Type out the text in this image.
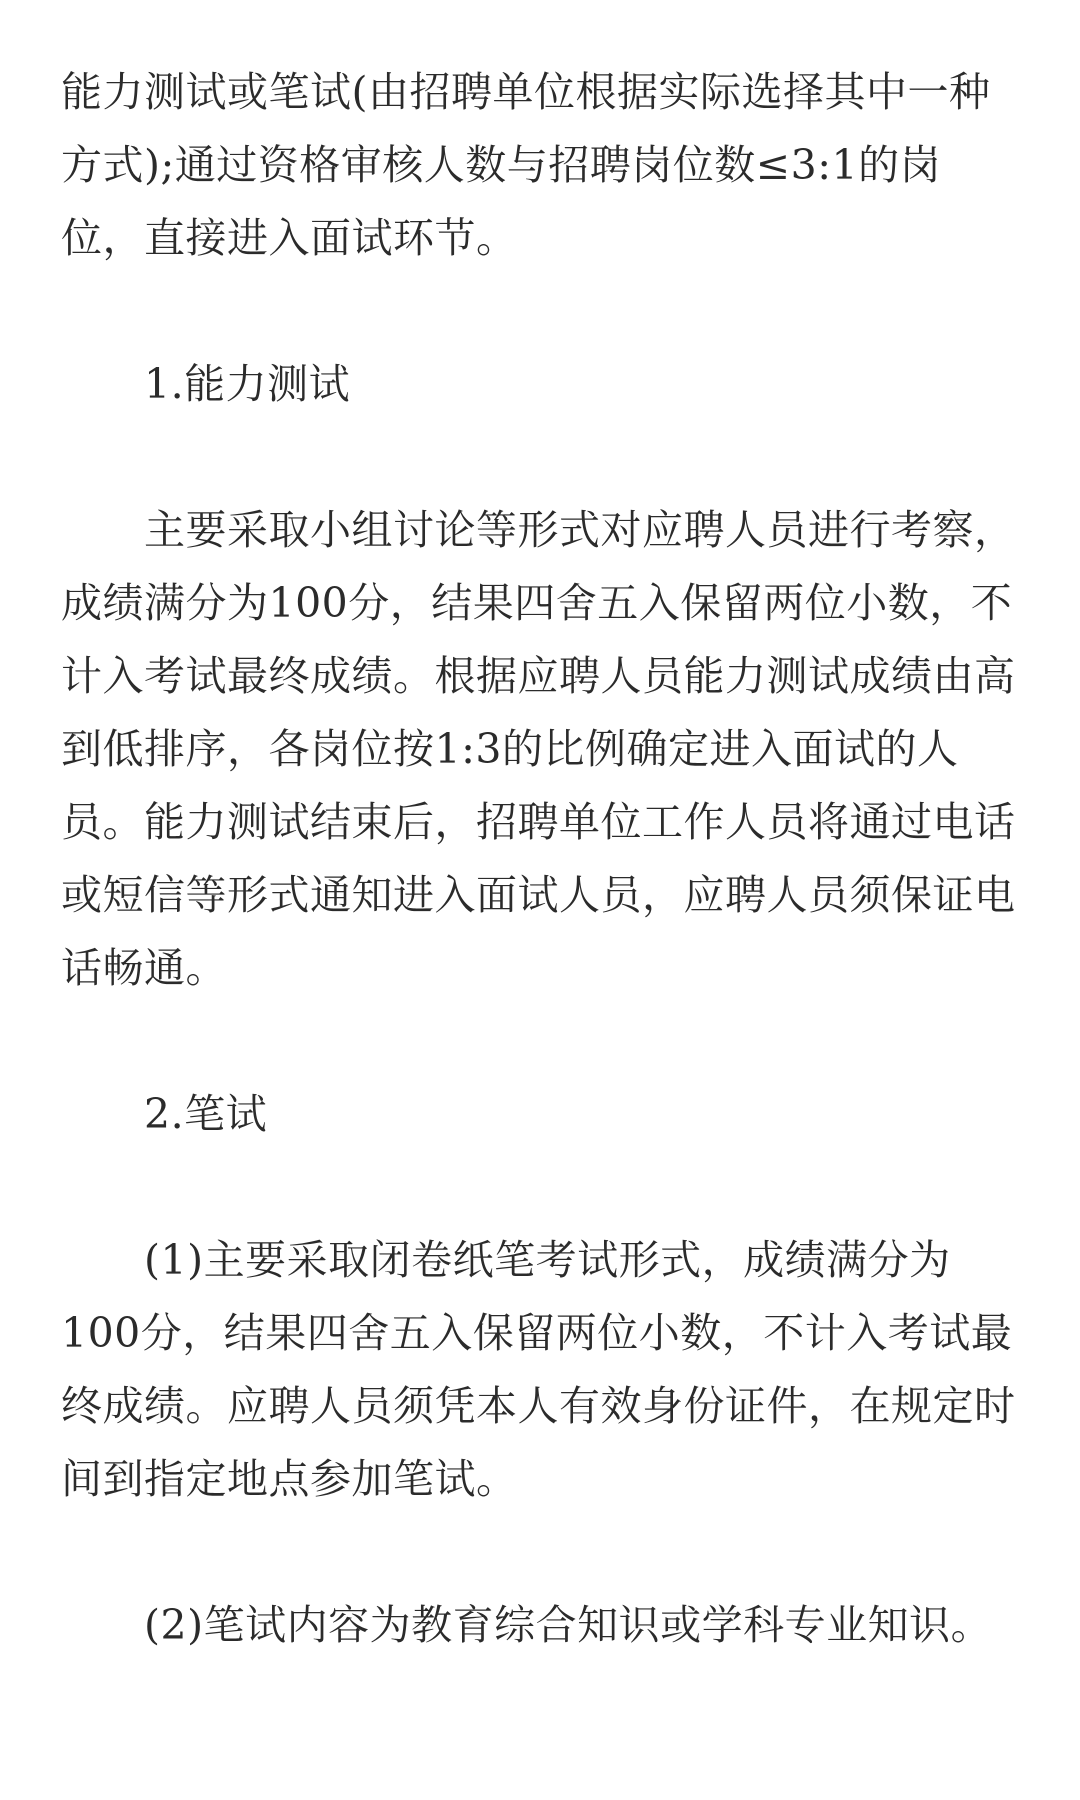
能力测试或笔试(由招聘单位根据实际选择其中一种方式);通过资格审核人数与招聘岗位数≤3:1的岗位，直接进入面试环节。

1.能力测试

主要采取小组讨论等形式对应聘人员进行考察，成绩满分为100分，结果四舍五入保留两位小数，不计入考试最终成绩。根据应聘人员能力测试成绩由高到低排序，各岗位按1:3的比例确定进入面试的人员。能力测试结束后，招聘单位工作人员将通过电话或短信等形式通知进入面试人员，应聘人员须保证电话畅通。

2.笔试

(1)主要采取闭卷纸笔考试形式，成绩满分为100分，结果四舍五入保留两位小数，不计入考试最终成绩。应聘人员须凭本人有效身份证件，在规定时间到指定地点参加笔试。

(2)笔试内容为教育综合知识或学科专业知识。
